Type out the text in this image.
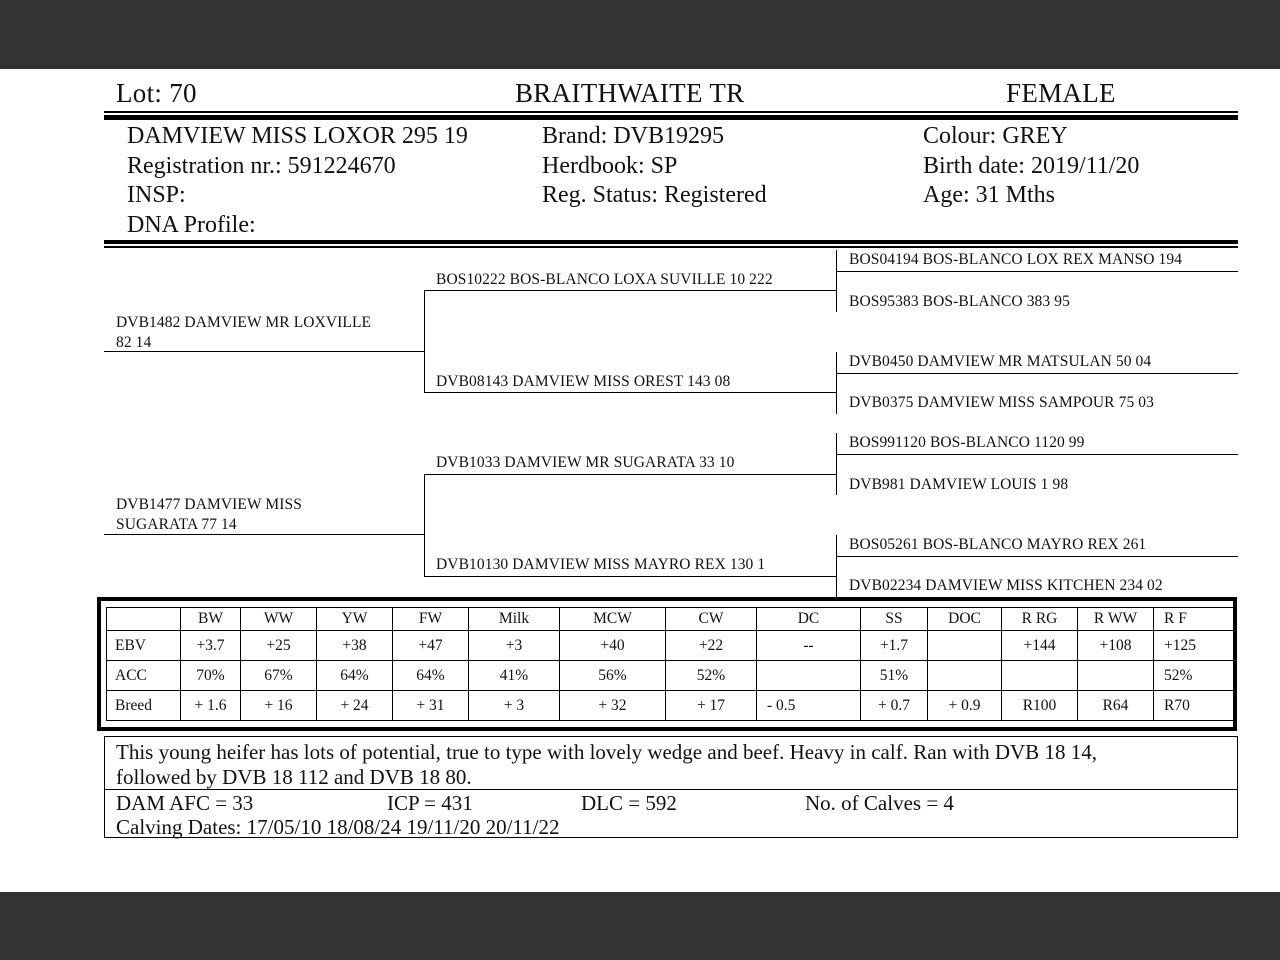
Lot: 70	BRAITHWAITE TR	FEMALE
DAMVIEW MISS LOXOR 295 19
Registration nr.: 591224670
INSP:
DNA Profile:
Brand: DVB19295
Herdbook: SP
Reg. Status: Registered
Colour: GREY
Birth date: 2019/11/20
Age: 31 Mths
DVB1482 DAMVIEW MR LOXVILLE
82 14
DVB1477 DAMVIEW MISS
SUGARATA 77 14
BOS10222 BOS-BLANCO LOXA SUVILLE 10 222
DVB08143 DAMVIEW MISS OREST 143 08
DVB1033 DAMVIEW MR SUGARATA 33 10
DVB10130 DAMVIEW MISS MAYRO REX 130 1
BOS04194 BOS-BLANCO LOX REX MANSO 194
BOS95383 BOS-BLANCO 383 95
DVB0450 DAMVIEW MR MATSULAN 50 04
DVB0375 DAMVIEW MISS SAMPOUR 75 03
BOS991120 BOS-BLANCO 1120 99
DVB981 DAMVIEW LOUIS 1 98
BOS05261 BOS-BLANCO MAYRO REX 261
DVB02234 DAMVIEW MISS KITCHEN 234 02
	BW	WW	YW	FW	Milk	MCW	CW	DC	SS	DOC	R RG	R WW	R F
EBV	+3.7	+25	+38	+47	+3	+40	+22	--	+1.7		+144	+108	+125
ACC	70%	67%	64%	64%	41%	56%	52%		51%				52%
Breed	+ 1.6	+ 16	+ 24	+ 31	+ 3	+ 32	+ 17	- 0.5	+ 0.7	+ 0.9	R100	R64	R70
This young heifer has lots of potential, true to type with lovely wedge and beef. Heavy in calf. Ran with DVB 18 14,
followed by DVB 18 112 and DVB 18 80.
DAM AFC = 33	ICP = 431	DLC = 592	No. of Calves = 4
Calving Dates: 17/05/10 18/08/24 19/11/20 20/11/22
